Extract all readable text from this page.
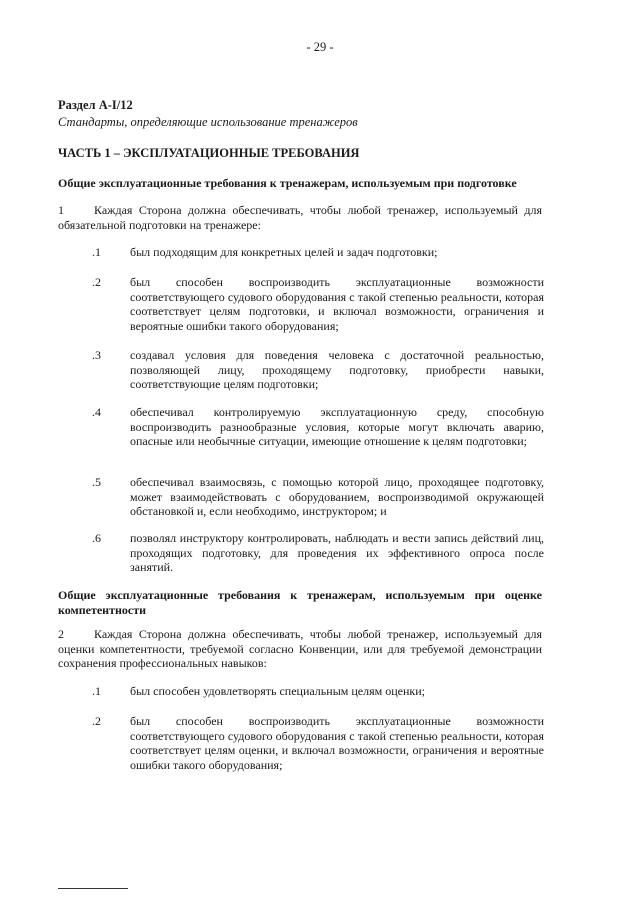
- 29 -
Раздел A-I/12
Стандарты, определяющие использование тренажеров
ЧАСТЬ 1 – ЭКСПЛУАТАЦИОННЫЕ ТРЕБОВАНИЯ
Общие эксплуатационные требования к тренажерам, используемым при подготовке
1	Каждая Сторона должна обеспечивать, чтобы любой тренажер, используемый для обязательной подготовки на тренажере:
.1 был подходящим для конкретных целей и задач подготовки;
.2 был способен воспроизводить эксплуатационные возможности соответствующего судового оборудования с такой степенью реальности, которая соответствует целям подготовки, и включал возможности, ограничения и вероятные ошибки такого оборудования;
.3 создавал условия для поведения человека с достаточной реальностью, позволяющей лицу, проходящему подготовку, приобрести навыки, соответствующие целям подготовки;
.4 обеспечивал контролируемую эксплуатационную среду, способную воспроизводить разнообразные условия, которые могут включать аварию, опасные или необычные ситуации, имеющие отношение к целям подготовки;
.5 обеспечивал взаимосвязь, с помощью которой лицо, проходящее подготовку, может взаимодействовать с оборудованием, воспроизводимой окружающей обстановкой и, если необходимо, инструктором; и
.6 позволял инструктору контролировать, наблюдать и вести запись действий лиц, проходящих подготовку, для проведения их эффективного опроса после занятий.
Общие эксплуатационные требования к тренажерам, используемым при оценке компетентности
2	Каждая Сторона должна обеспечивать, чтобы любой тренажер, используемый для оценки компетентности, требуемой согласно Конвенции, или для требуемой демонстрации сохранения профессиональных навыков:
.1 был способен удовлетворять специальным целям оценки;
.2 был способен воспроизводить эксплуатационные возможности соответствующего судового оборудования с такой степенью реальности, которая соответствует целям оценки, и включал возможности, ограничения и вероятные ошибки такого оборудования;
